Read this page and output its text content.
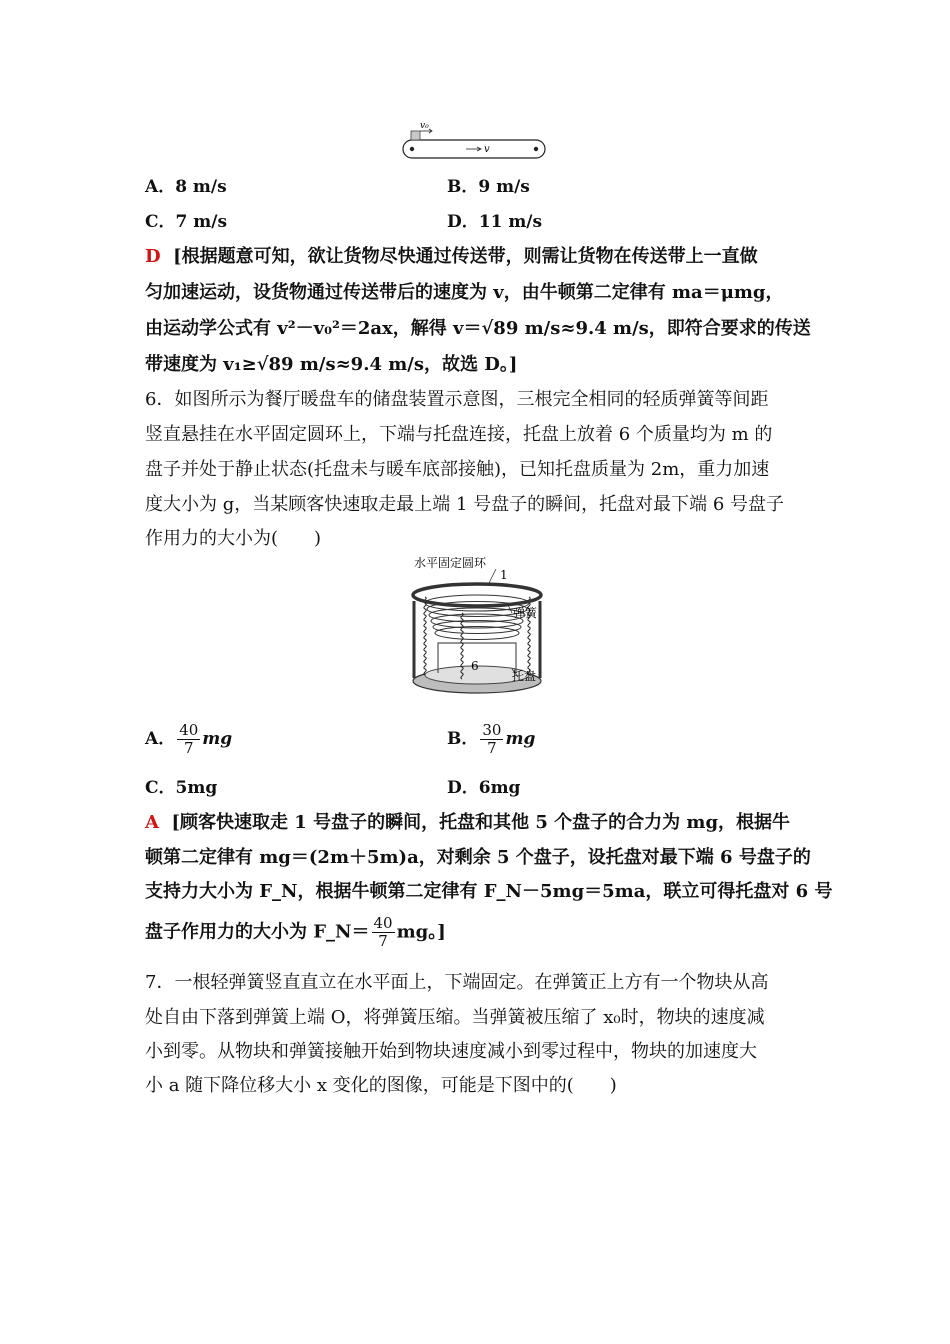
v₀
v
A．8 m/s	B．9 m/s
C．7 m/s	D．11 m/s
D [根据题意可知，欲让货物尽快通过传送带，则需让货物在传送带上一直做
匀加速运动，设货物通过传送带后的速度为 v，由牛顿第二定律有 ma＝μmg，
由运动学公式有 v²－v₀²＝2ax，解得 v＝√89 m/s≈9.4 m/s，即符合要求的传送
带速度为 v₁≥√89 m/s≈9.4 m/s，故选 D。]
6．如图所示为餐厅暖盘车的储盘装置示意图，三根完全相同的轻质弹簧等间距
竖直悬挂在水平固定圆环上，下端与托盘连接，托盘上放着 6 个质量均为 m 的
盘子并处于静止状态(托盘未与暖车底部接触)，已知托盘质量为 2m，重力加速
度大小为 g，当某顾客快速取走最上端 1 号盘子的瞬间，托盘对最下端 6 号盘子
作用力的大小为(　　)
水平固定圆环
1
弹簧
6
托盘
A． $\frac{40}{7}$ mg	B． $\frac{30}{7}$ mg
C．5mg	D．6mg
A [顾客快速取走 1 号盘子的瞬间，托盘和其他 5 个盘子的合力为 mg，根据牛
顿第二定律有 mg＝(2m＋5m)a，对剩余 5 个盘子，设托盘对最下端 6 号盘子的
支持力大小为 F_N，根据牛顿第二定律有 F_N－5mg＝5ma，联立可得托盘对 6 号
盘子作用力的大小为 F_N＝ $\frac{40}{7}$ mg。]
7．一根轻弹簧竖直直立在水平面上，下端固定。在弹簧正上方有一个物块从高
处自由下落到弹簧上端 O，将弹簧压缩。当弹簧被压缩了 x₀时，物块的速度减
小到零。从物块和弹簧接触开始到物块速度减小到零过程中，物块的加速度大
小 a 随下降位移大小 x 变化的图像，可能是下图中的(　　)
